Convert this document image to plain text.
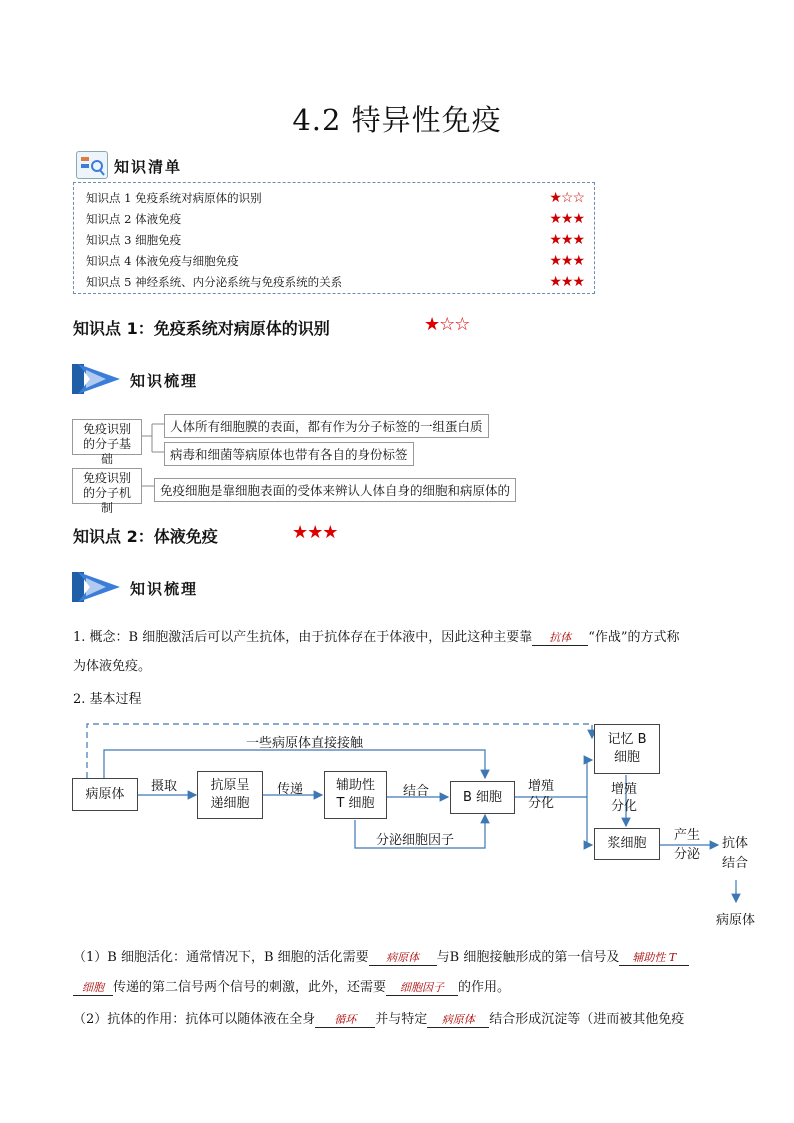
4.2 特异性免疫
知识清单
知识点 1 免疫系统对病原体的识别	★☆☆
知识点 2 体液免疫	★★★
知识点 3 细胞免疫	★★★
知识点 4 体液免疫与细胞免疫	★★★
知识点 5 神经系统、内分泌系统与免疫系统的关系	★★★
知识点 1：免疫系统对病原体的识别	★☆☆
知识梳理
免疫识别的分子基础
人体所有细胞膜的表面，都有作为分子标签的一组蛋白质
病毒和细菌等病原体也带有各自的身份标签
免疫识别的分子机制
免疫细胞是靠细胞表面的受体来辨认人体自身的细胞和病原体的
知识点 2：体液免疫	★★★
知识梳理
1. 概念：B 细胞激活后可以产生抗体，由于抗体存在于体液中，因此这种主要靠 抗体 “作战”的方式称
为体液免疫。
2. 基本过程
病原体
抗原呈递细胞
辅助性T 细胞	B 细胞
记忆 B 细胞
浆细胞
摄取	传递	结合
一些病原体直接接触
分泌细胞因子
增殖分化
增殖分化
产生分泌
抗体结合
病原体
（1）B 细胞活化：通常情况下，B 细胞的活化需要 病原体 与B 细胞接触形成的第一信号及 辅助性 T
细胞 传递的第二信号两个信号的刺激，此外，还需要 细胞因子 的作用。
（2）抗体的作用：抗体可以随体液在全身 循环 并与特定 病原体 结合形成沉淀等（进而被其他免疫
